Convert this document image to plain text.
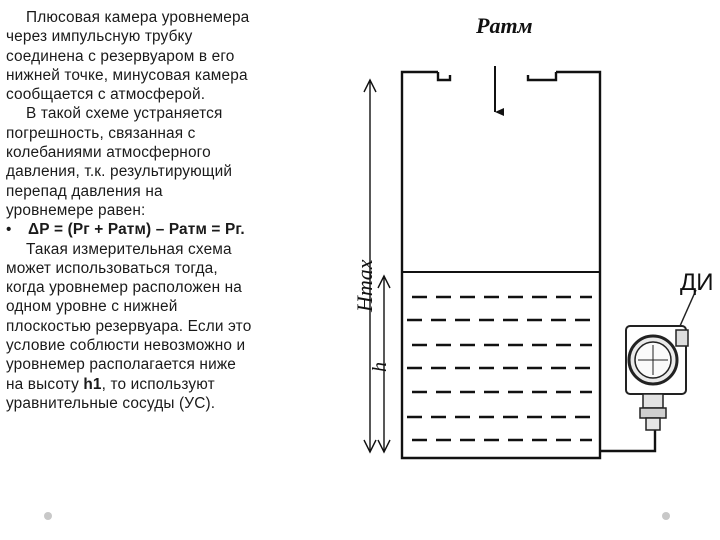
Плюсовая камера уровнемера
через импульсную трубку
соединена с резервуаром в его
нижней точке, минусовая камера
сообщается с атмосферой.

В такой схеме устраняется
погрешность, связанная с
колебаниями атмосферного
давления, т.к. результирующий
перепад давления на
уровнемере равен:

• ΔР = (Рг + Ратм) – Ратм = Рг.

Такая измерительная схема
может использоваться тогда,
когда уровнемер расположен на
одном уровне с нижней
плоскостью резервуара. Если это
условие соблюсти невозможно и
уровнемер располагается ниже
на высоту h1, то используют
уравнительные сосуды (УС).

Pатм
Hmax
h
ДИ
